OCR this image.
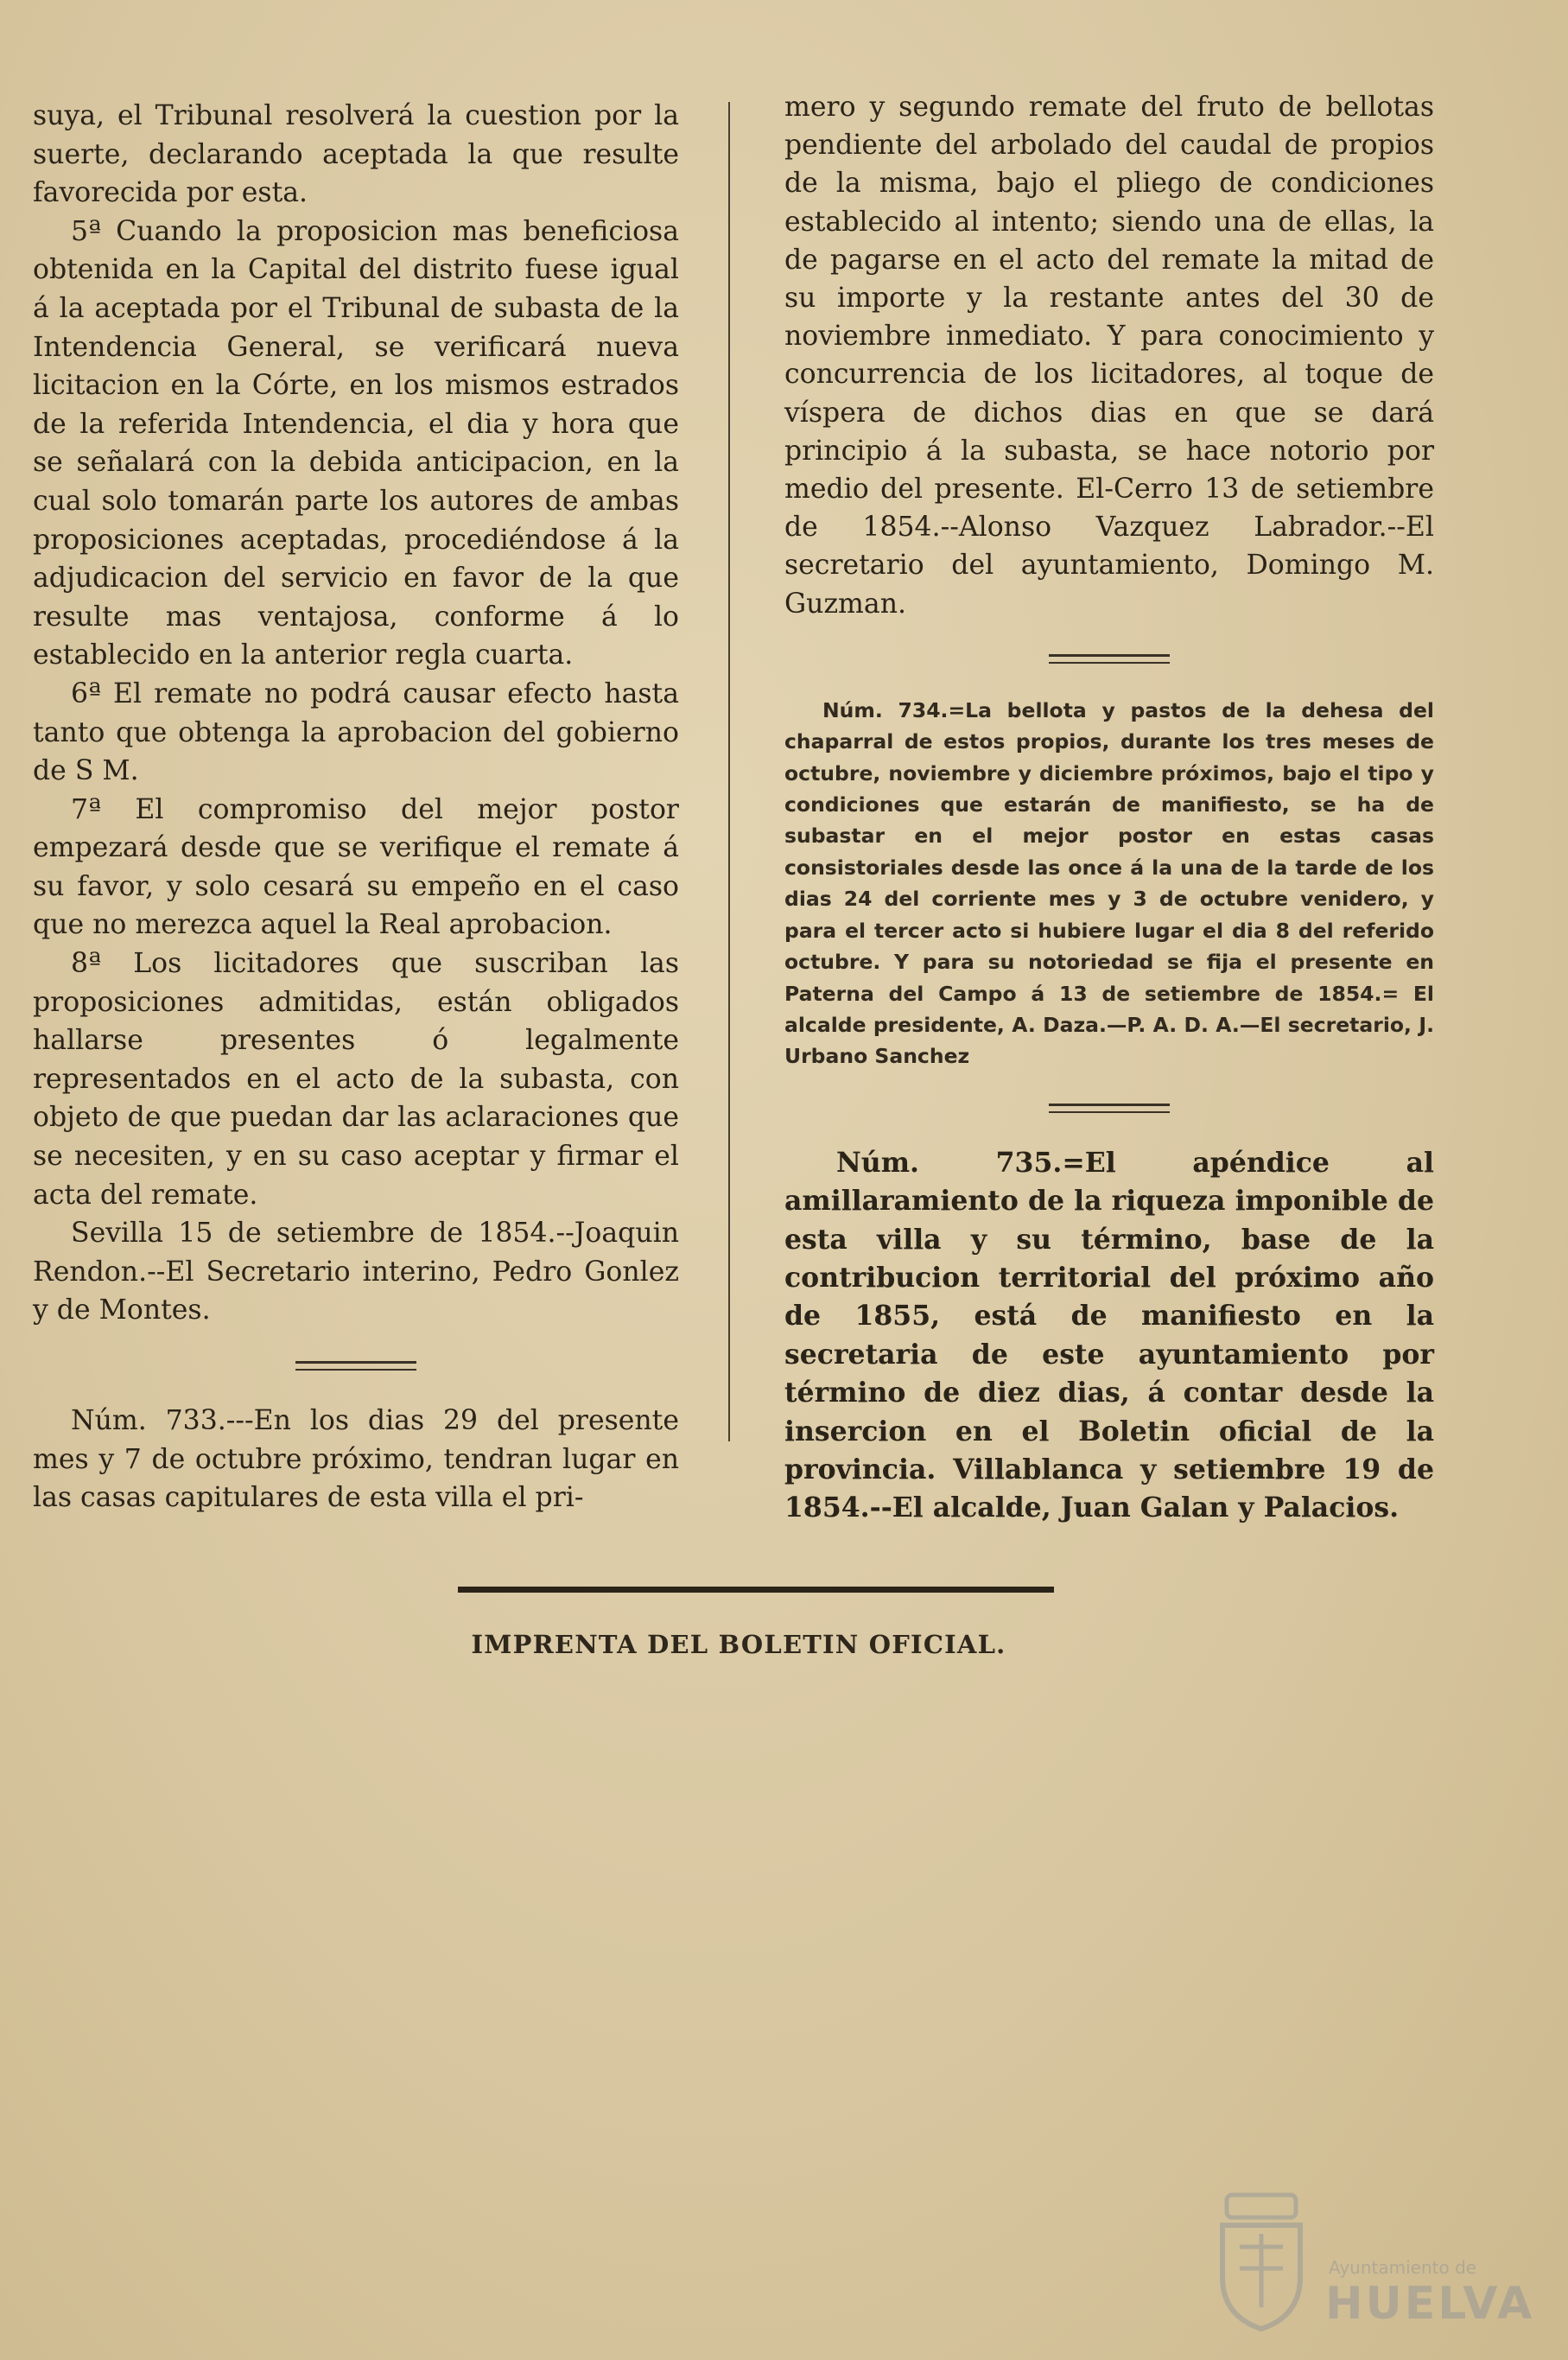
suya, el Tribunal resolverá la cuestion por la suerte, declarando aceptada la que resulte favorecida por esta.

5ª Cuando la proposicion mas beneficiosa obtenida en la Capital del distrito fuese igual á la aceptada por el Tribunal de subasta de la Intendencia General, se verificará nueva licitacion en la Córte, en los mismos estrados de la referida Intendencia, el dia y hora que se señalará con la debida anticipacion, en la cual solo tomarán parte los autores de ambas proposiciones aceptadas, procediéndose á la adjudicacion del servicio en favor de la que resulte mas ventajosa, conforme á lo establecido en la anterior regla cuarta.

6ª El remate no podrá causar efecto hasta tanto que obtenga la aprobacion del gobierno de S M.

7ª El compromiso del mejor postor empezará desde que se verifique el remate á su favor, y solo cesará su empeño en el caso que no merezca aquel la Real aprobacion.

8ª Los licitadores que suscriban las proposiciones admitidas, están obligados hallarse presentes ó legalmente representados en el acto de la subasta, con objeto de que puedan dar las aclaraciones que se necesiten, y en su caso aceptar y firmar el acta del remate.

Sevilla 15 de setiembre de 1854.--Joaquin Rendon.--El Secretario interino, Pedro Gonlez y de Montes.

Núm. 733.---En los dias 29 del presente mes y 7 de octubre próximo, tendran lugar en las casas capitulares de esta villa el pri-

mero y segundo remate del fruto de bellotas pendiente del arbolado del caudal de propios de la misma, bajo el pliego de condiciones establecido al intento; siendo una de ellas, la de pagarse en el acto del remate la mitad de su importe y la restante antes del 30 de noviembre inmediato. Y para conocimiento y concurrencia de los licitadores, al toque de víspera de dichos dias en que se dará principio á la subasta, se hace notorio por medio del presente. El-Cerro 13 de setiembre de 1854.--Alonso Vazquez Labrador.--El secretario del ayuntamiento, Domingo M. Guzman.

Núm. 734.=La bellota y pastos de la dehesa del chaparral de estos propios, durante los tres meses de octubre, noviembre y diciembre próximos, bajo el tipo y condiciones que estarán de manifiesto, se ha de subastar en el mejor postor en estas casas consistoriales desde las once á la una de la tarde de los dias 24 del corriente mes y 3 de octubre venidero, y para el tercer acto si hubiere lugar el dia 8 del referido octubre. Y para su notoriedad se fija el presente en Paterna del Campo á 13 de setiembre de 1854.= El alcalde presidente, A. Daza.—P. A. D. A.—El secretario, J. Urbano Sanchez

Núm. 735.=El apéndice al amillaramiento de la riqueza imponible de esta villa y su término, base de la contribucion territorial del próximo año de 1855, está de manifiesto en la secretaria de este ayuntamiento por término de diez dias, á contar desde la insercion en el Boletin oficial de la provincia. Villablanca y setiembre 19 de 1854.--El alcalde, Juan Galan y Palacios.

IMPRENTA DEL BOLETIN OFICIAL.
Ayuntamiento de
HUELVA
